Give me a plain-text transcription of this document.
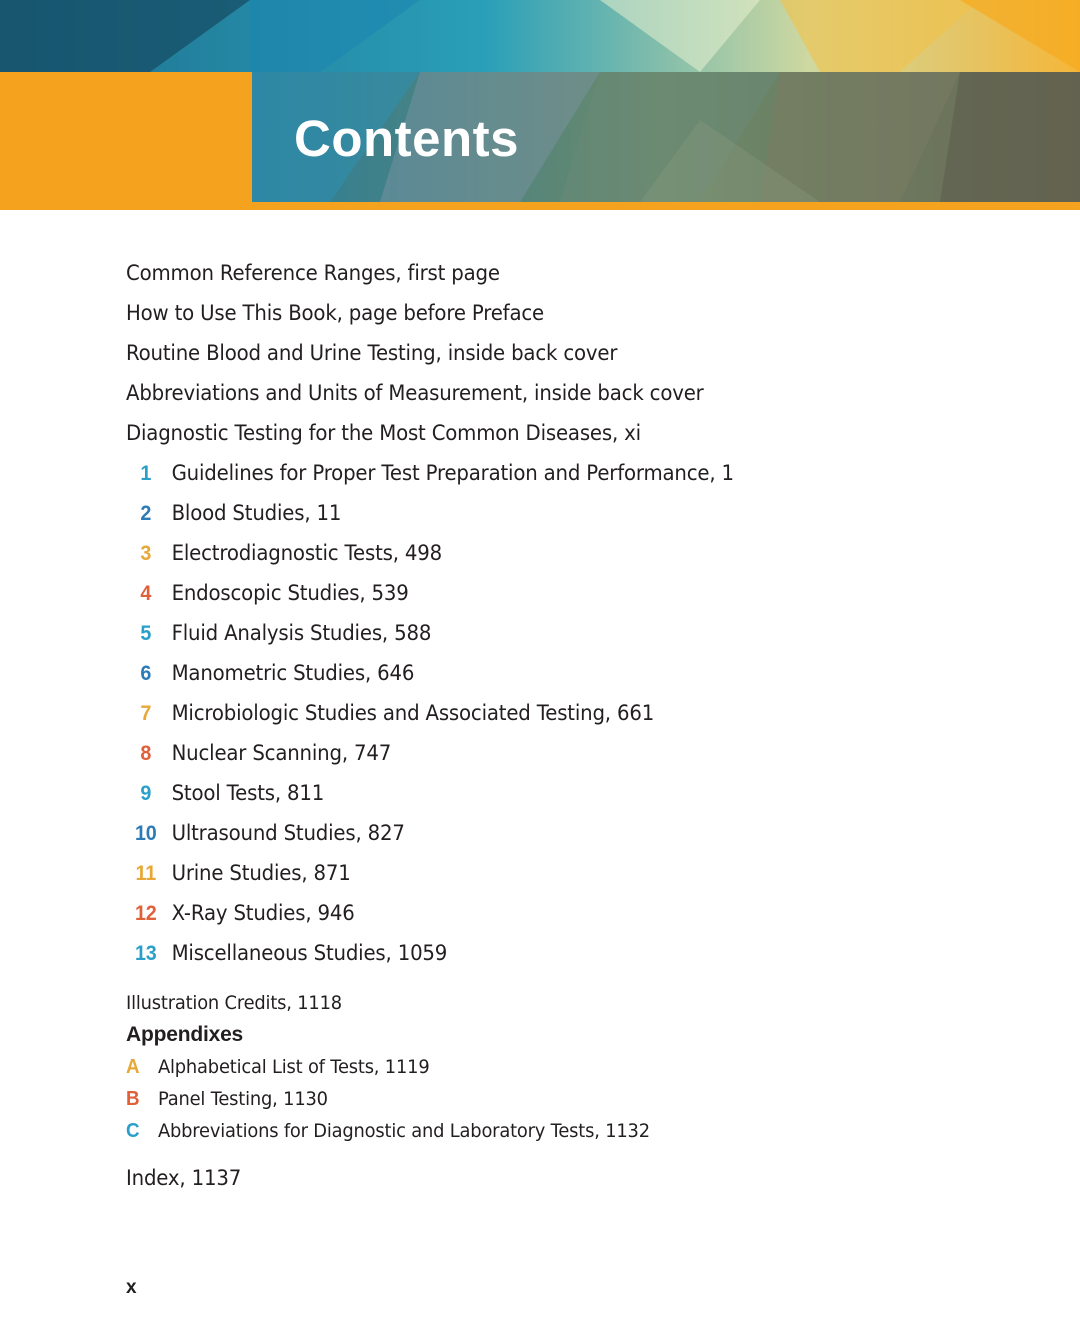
Contents
Common Reference Ranges, first page
How to Use This Book, page before Preface
Routine Blood and Urine Testing, inside back cover
Abbreviations and Units of Measurement, inside back cover
Diagnostic Testing for the Most Common Diseases, xi
1 Guidelines for Proper Test Preparation and Performance, 1
2 Blood Studies, 11
3 Electrodiagnostic Tests, 498
4 Endoscopic Studies, 539
5 Fluid Analysis Studies, 588
6 Manometric Studies, 646
7 Microbiologic Studies and Associated Testing, 661
8 Nuclear Scanning, 747
9 Stool Tests, 811
10 Ultrasound Studies, 827
11 Urine Studies, 871
12 X-Ray Studies, 946
13 Miscellaneous Studies, 1059
Illustration Credits, 1118
Appendixes
A Alphabetical List of Tests, 1119
B Panel Testing, 1130
C Abbreviations for Diagnostic and Laboratory Tests, 1132
Index, 1137
x
